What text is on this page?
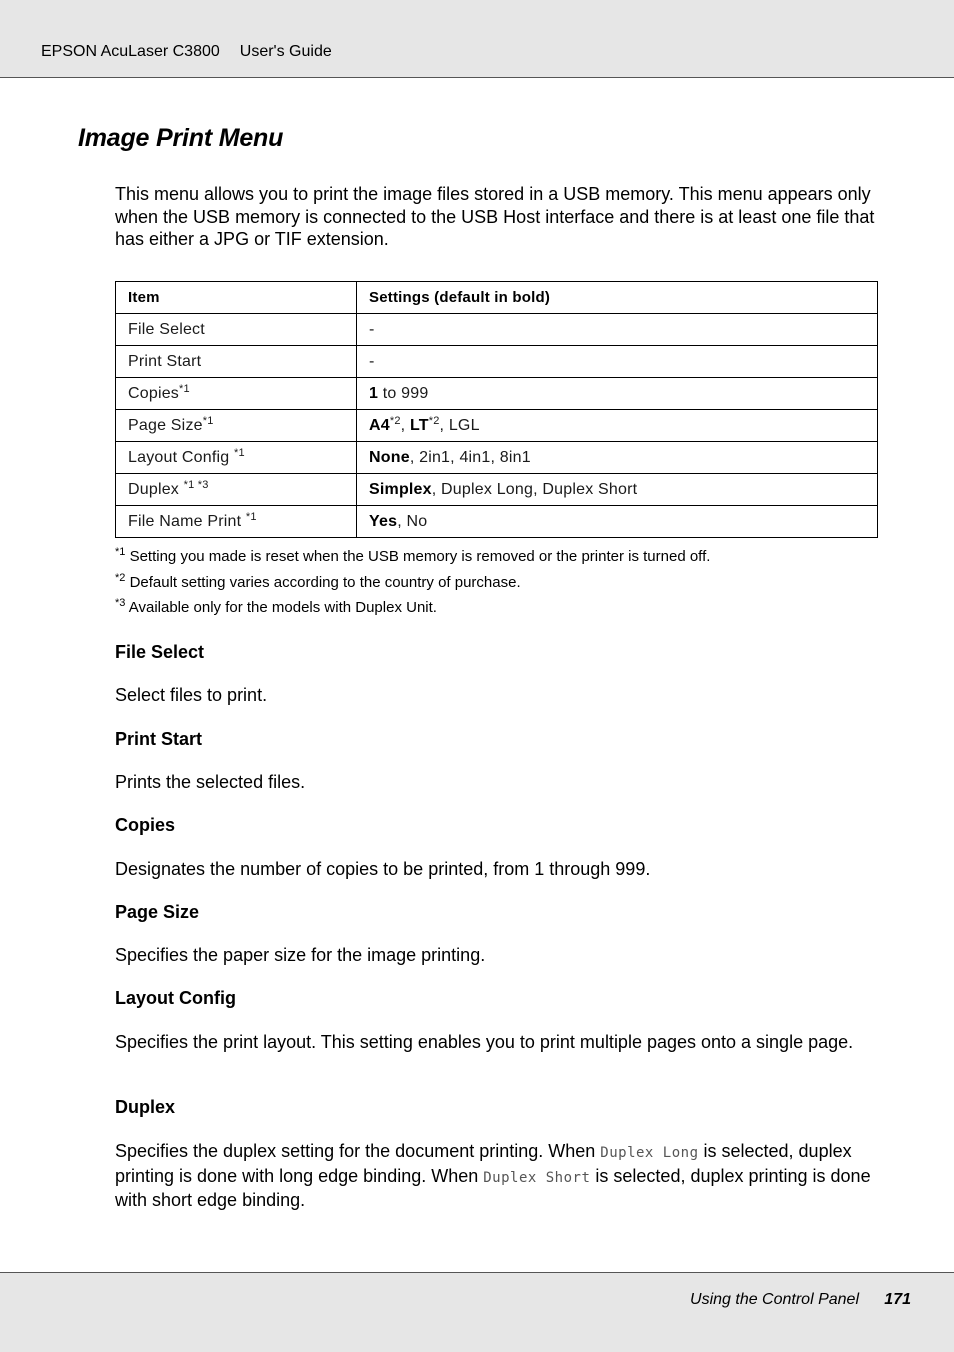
EPSON AcuLaser C3800 User's Guide
Image Print Menu

This menu allows you to print the image files stored in a USB memory. This menu appears only when the USB memory is connected to the USB Host interface and there is at least one file that has either a JPG or TIF extension.

Item	Settings (default in bold)
File Select	-
Print Start	-
Copies$^{*1}$	1 to 999
Page Size$^{*1}$	A4$^{*2}$, LT$^{*2}$, LGL
Layout Config $^{*1}$	None, 2in1, 4in1, 8in1
Duplex $^{*1 *3}$	Simplex, Duplex Long, Duplex Short
File Name Print $^{*1}$	Yes, No
$^{*1}$ Setting you made is reset when the USB memory is removed or the printer is turned off.
$^{*2}$ Default setting varies according to the country of purchase.
$^{*3}$ Available only for the models with Duplex Unit.
File Select

Select files to print.

Print Start

Prints the selected files.

Copies

Designates the number of copies to be printed, from 1 through 999.

Page Size

Specifies the paper size for the image printing.

Layout Config

Specifies the print layout. This setting enables you to print multiple pages onto a single page.

Duplex

Specifies the duplex setting for the document printing. When Duplex Long is selected, duplex printing is done with long edge binding. When Duplex Short is selected, duplex printing is done with short edge binding.

Using the Control Panel 171
